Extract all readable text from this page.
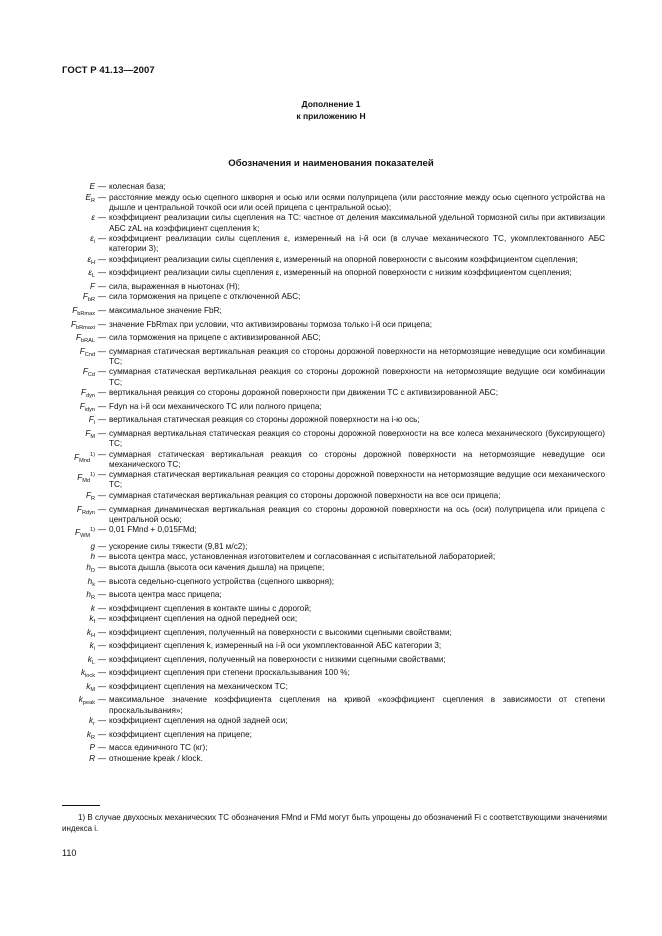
ГОСТ Р 41.13—2007
Дополнение 1
к приложению Н
Обозначения и наименования показателей
E — колесная база;
$E_R$ — расстояние между осью сцепного шкворня и осью или осями полуприцепа (или расстояние между осью сцепного устройства на дышле и центральной точкой оси или осей прицепа с центральной осью);
ε — коэффициент реализации силы сцепления на ТС: частное от деления максимальной удельной тормозной силы при активизации АБС zAL на коэффициент сцепления k;
$\varepsilon_i$ — коэффициент реализации силы сцепления ε, измеренный на i-й оси (в случае механического ТС, укомплектованного АБС категории 3);
$\varepsilon_H$ — коэффициент реализации силы сцепления ε, измеренный на опорной поверхности с высоким коэффициентом сцепления;
$\varepsilon_L$ — коэффициент реализации силы сцепления ε, измеренный на опорной поверхности с низким коэффициентом сцепления;
F — сила, выраженная в ньютонах (Н);
$F_{bR}$ — сила торможения на прицепе с отключенной АБС;
$F_{bRmax}$ — максимальное значение FbR;
$F_{bRmaxi}$ — значение FbRmax при условии, что активизированы тормоза только i-й оси прицепа;
$F_{bRAL}$ — сила торможения на прицепе с активизированной АБС;
$F_{Cnd}$ — суммарная статическая вертикальная реакция со стороны дорожной поверхности на нетормозящие неведущие оси комбинации ТС;
$F_{Cd}$ — суммарная статическая вертикальная реакция со стороны дорожной поверхности на нетормозящие ведущие оси комбинации ТС;
$F_{dyn}$ — вертикальная реакция со стороны дорожной поверхности при движении ТС с активизированной АБС;
$F_{idyn}$ — Fdyn на i-й оси механического ТС или полного прицепа;
$F_i$ — вертикальная статическая реакция со стороны дорожной поверхности на i-ю ось;
$F_M$ — суммарная вертикальная статическая реакция со стороны дорожной поверхности на все колеса механического (буксирующего) ТС;
$F_{Mnd}^{1)}$ — суммарная статическая вертикальная реакция со стороны дорожной поверхности на нетормозящие неведущие оси механического ТС;
$F_{Md}^{1)}$ — суммарная статическая вертикальная реакция со стороны дорожной поверхности на нетормозящие ведущие оси механического ТС;
$F_R$ — суммарная статическая вертикальная реакция со стороны дорожной поверхности на все оси прицепа;
$F_{Rdyn}$ — суммарная динамическая вертикальная реакция со стороны дорожной поверхности на ось (оси) полуприцепа или прицепа с центральной осью;
$F_{WM}^{1)}$ — 0,01 FMnd + 0,015FMd;
g — ускорение силы тяжести (9,81 м/с2);
h — высота центра масс, установленная изготовителем и согласованная с испытательной лабораторией;
$h_D$ — высота дышла (высота оси качения дышла) на прицепе;
$h_k$ — высота седельно-сцепного устройства (сцепного шкворня);
$h_R$ — высота центра масс прицепа;
k — коэффициент сцепления в контакте шины с дорогой;
$k_f$ — коэффициент сцепления на одной передней оси;
$k_H$ — коэффициент сцепления, полученный на поверхности с высокими сцепными свойствами;
$k_i$ — коэффициент сцепления k, измеренный на i-й оси укомплектованной АБС категории 3;
$k_L$ — коэффициент сцепления, полученный на поверхности с низкими сцепными свойствами;
$k_{lock}$ — коэффициент сцепления при степени проскальзывания 100 %;
$k_M$ — коэффициент сцепления на механическом ТС;
$k_{peak}$ — максимальное значение коэффициента сцепления на кривой «коэффициент сцепления в зависимости от степени проскальзывания»;
$k_r$ — коэффициент сцепления на одной задней оси;
$k_R$ — коэффициент сцепления на прицепе;
P — масса единичного ТС (кг);
R — отношение kpeak / klock.
1) В случае двухосных механических ТС обозначения FMnd и FMd могут быть упрощены до обозначений Fi с соответствующими значениями индекса i.
110
